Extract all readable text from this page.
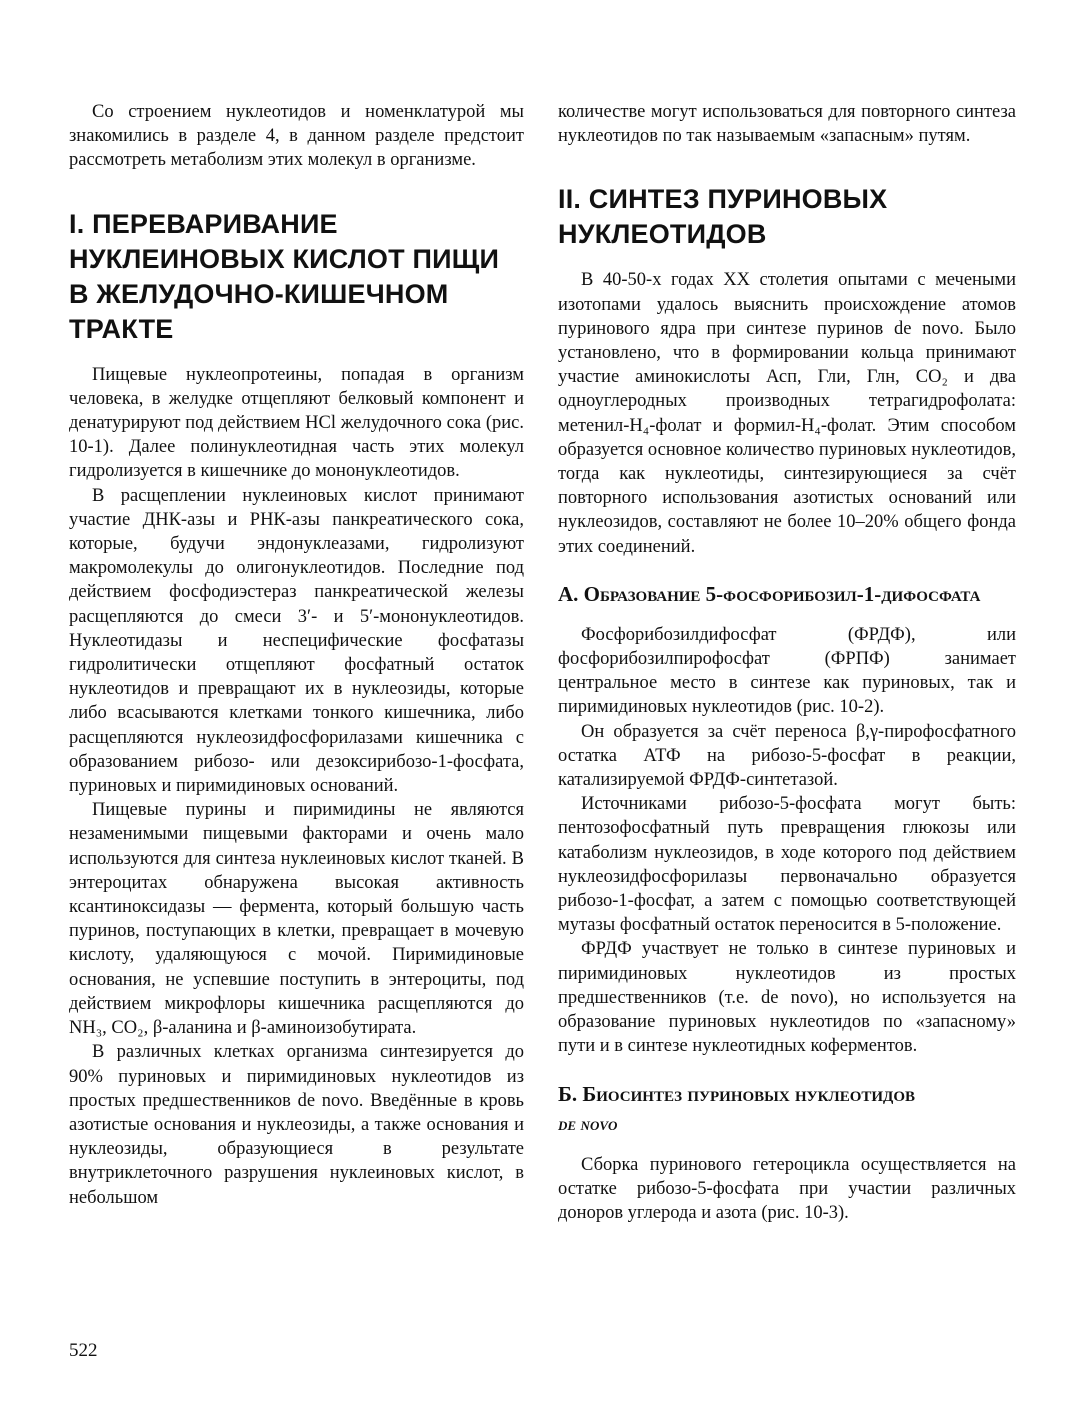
Со строением нуклеотидов и номенклатурой мы знакомились в разделе 4, в данном разделе предстоит рассмотреть метаболизм этих молекул в организме.

I. ПЕРЕВАРИВАНИЕ НУКЛЕИНОВЫХ КИСЛОТ ПИЩИ В ЖЕЛУДОЧНО-КИШЕЧНОМ ТРАКТЕ

Пищевые нуклеопротеины, попадая в организм человека, в желудке отщепляют белковый компонент и денатурируют под действием HCl желудочного сока (рис. 10-1). Далее полинуклеотидная часть этих молекул гидролизуется в кишечнике до мононуклеотидов.

В расщеплении нуклеиновых кислот принимают участие ДНК-азы и РНК-азы панкреатического сока, которые, будучи эндонуклеазами, гидролизуют макромолекулы до олигонуклеотидов. Последние под действием фосфодиэстераз панкреатической железы расщепляются до смеси 3′- и 5′-мононуклеотидов. Нуклеотидазы и неспецифические фосфатазы гидролитически отщепляют фосфатный остаток нуклеотидов и превращают их в нуклеозиды, которые либо всасываются клетками тонкого кишечника, либо расщепляются нуклеозидфосфорилазами кишечника с образованием рибозо- или дезоксирибозо-1-фосфата, пуриновых и пиримидиновых оснований.

Пищевые пурины и пиримидины не являются незаменимыми пищевыми факторами и очень мало используются для синтеза нуклеиновых кислот тканей. В энтероцитах обнаружена высокая активность ксантиноксидазы — фермента, который большую часть пуринов, поступающих в клетки, превращает в мочевую кислоту, удаляющуюся с мочой. Пиримидиновые основания, не успевшие поступить в энтероциты, под действием микрофлоры кишечника расщепляются до NH₃, CO₂, β-аланина и β-аминоизобутирата.

В различных клетках организма синтезируется до 90% пуриновых и пиримидиновых нуклеотидов из простых предшественников de novo. Введённые в кровь азотистые основания и нуклеозиды, а также основания и нуклеозиды, образующиеся в результате внутриклеточного разрушения нуклеиновых кислот, в небольшом

количестве могут использоваться для повторного синтеза нуклеотидов по так называемым «запасным» путям.

II. СИНТЕЗ ПУРИНОВЫХ НУКЛЕОТИДОВ

В 40-50-х годах XX столетия опытами с мечеными изотопами удалось выяснить происхождение атомов пуринового ядра при синтезе пуринов de novo. Было установлено, что в формировании кольца принимают участие аминокислоты Асп, Гли, Глн, CO₂ и два одноуглеродных производных тетрагидрофолата: метенил-H₄-фолат и формил-H₄-фолат. Этим способом образуется основное количество пуриновых нуклеотидов, тогда как нуклеотиды, синтезирующиеся за счёт повторного использования азотистых оснований или нуклеозидов, составляют не более 10–20% общего фонда этих соединений.

А. Образование 5-фосфорибозил-1-дифосфата

Фосфорибозилдифосфат (ФРДФ), или фосфорибозилпирофосфат (ФРПФ) занимает центральное место в синтезе как пуриновых, так и пиримидиновых нуклеотидов (рис. 10-2).

Он образуется за счёт переноса β,γ-пирофосфатного остатка АТФ на рибозо-5-фосфат в реакции, катализируемой ФРДФ-синтетазой.

Источниками рибозо-5-фосфата могут быть: пентозофосфатный путь превращения глюкозы или катаболизм нуклеозидов, в ходе которого под действием нуклеозидфосфорилазы первоначально образуется рибозо-1-фосфат, а затем с помощью соответствующей мутазы фосфатный остаток переносится в 5-положение.

ФРДФ участвует не только в синтезе пуриновых и пиримидиновых нуклеотидов из простых предшественников (т.е. de novo), но используется на образование пуриновых нуклеотидов по «запасному» пути и в синтезе нуклеотидных коферментов.

Б. Биосинтез пуриновых нуклеотидов
de novo

Сборка пуринового гетероцикла осуществляется на остатке рибозо-5-фосфата при участии различных доноров углерода и азота (рис. 10-3).

522
